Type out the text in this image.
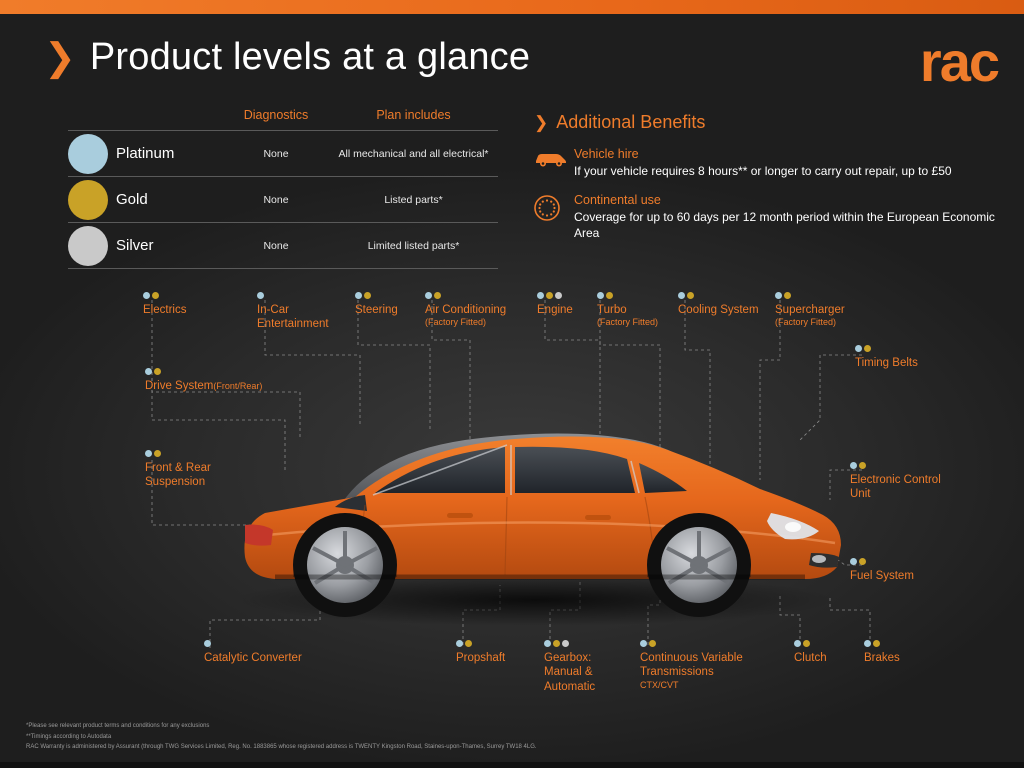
❯ Product levels at a glance	rac
Diagnostics	Plan includes
Platinum	None	All mechanical and all electrical*
Gold	None	Listed parts*
Silver	None	Limited listed parts*
❯ Additional Benefits
Vehicle hire
If your vehicle requires 8 hours** or longer to carry out repair, up to £50
Continental use
Coverage for up to 60 days per 12 month period within the European Economic Area
Electrics	In-Car
Entertainment
Steering Air Conditioning
(Factory Fitted)
Engine Turbo
(Factory Fitted)
Cooling System Supercharger
(Factory Fitted)
Timing Belts
Drive System(Front/Rear)
Front & Rear
Suspension	Electronic Control
Unit
Fuel System
Catalytic Converter	Propshaft	Gearbox:
Manual &
Automatic
Continuous Variable
Transmissions
CTX/CVT
Clutch	Brakes
*Please see relevant product terms and conditions for any exclusions
**Timings according to Autodata
RAC Warranty is administered by Assurant (through TWG Services Limited, Reg. No. 1883865 whose registered address is TWENTY Kingston Road, Staines-upon-Thames, Surrey TW18 4LG.
